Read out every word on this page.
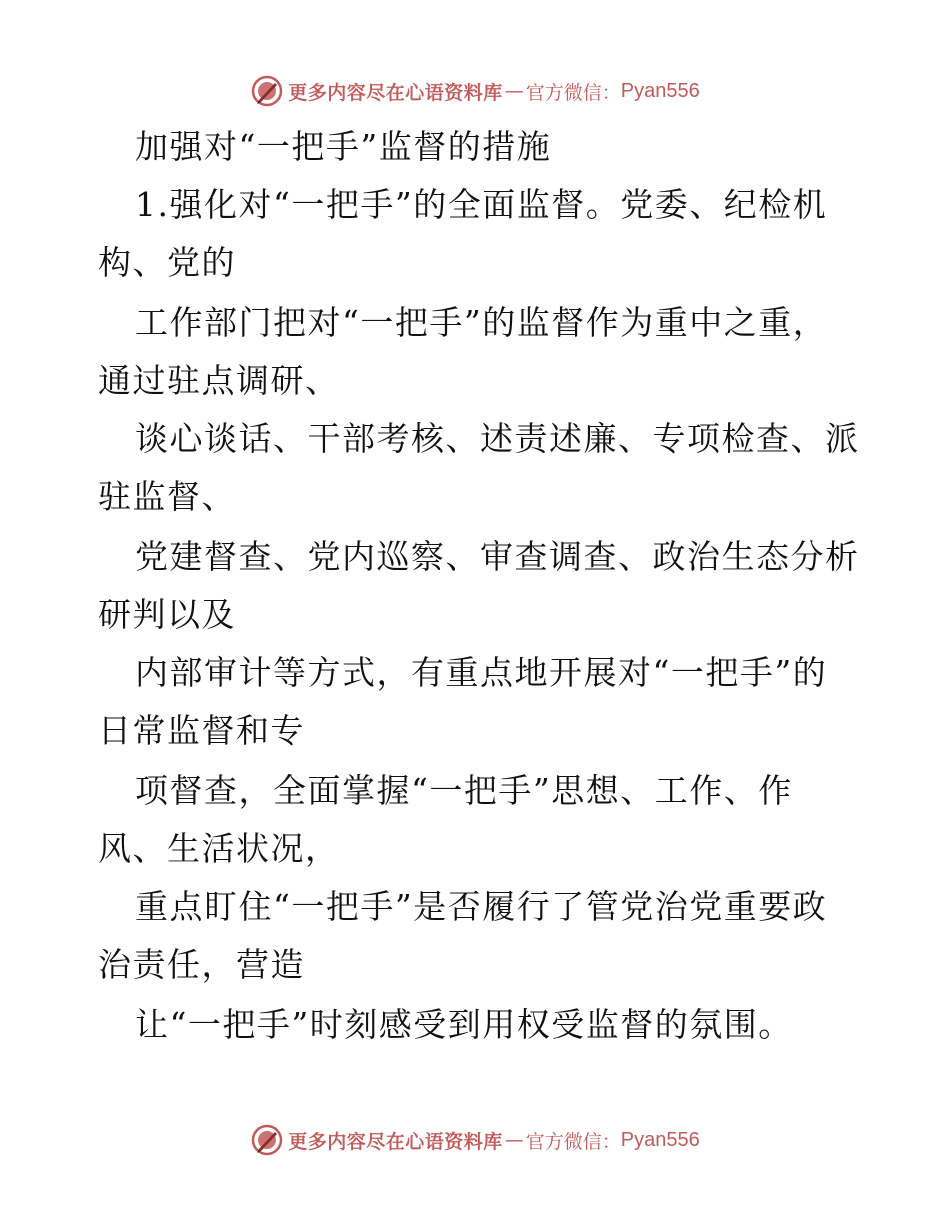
更多内容尽在心语资料库 — 官方微信： Pyan556
加强对“一把手”监督的措施
1.强化对“一把手”的全面监督。党委、纪检机
构、党的
工作部门把对“一把手”的监督作为重中之重，
通过驻点调研、
谈心谈话、干部考核、述责述廉、专项检查、派
驻监督、
党建督查、党内巡察、审查调查、政治生态分析
研判以及
内部审计等方式，有重点地开展对“一把手”的
日常监督和专
项督查，全面掌握“一把手”思想、工作、作
风、生活状况，
重点盯住“一把手”是否履行了管党治党重要政
治责任，营造
让“一把手”时刻感受到用权受监督的氛围。
更多内容尽在心语资料库 — 官方微信： Pyan556
